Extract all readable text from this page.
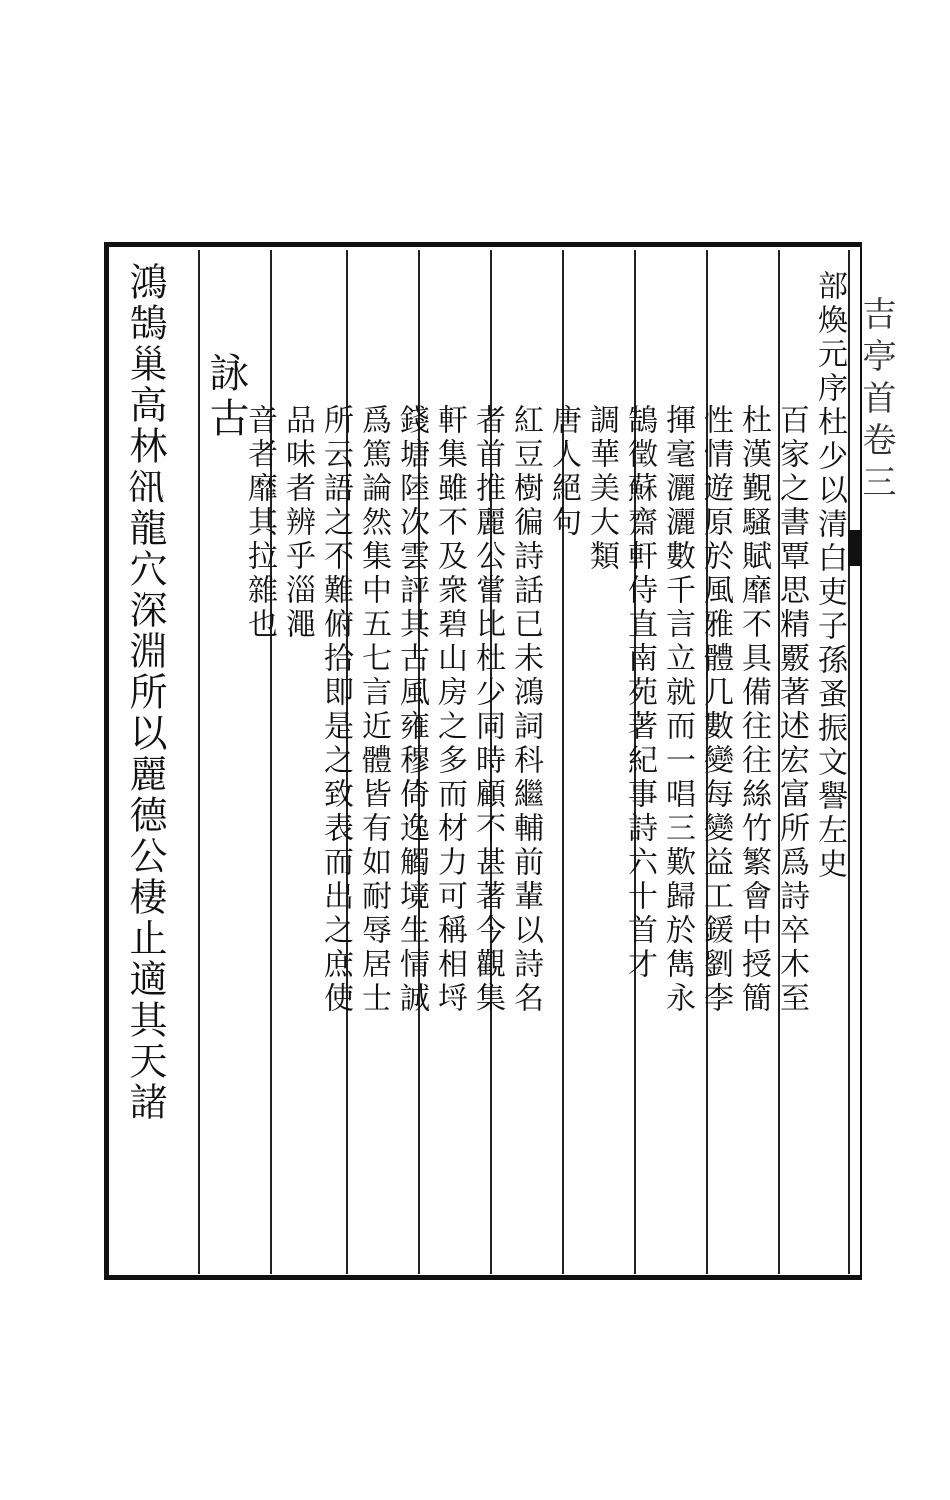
吉亭首卷三
部煥元序杜少以清白吏子孫蚤振文譽左史
百家之書覃思精覈著述宏富所爲詩卒木至
杜漢覲騷賦靡不具備往往絲竹繁會中授簡
性情遊原於風雅體几數變每變益工鍰劉李
揮毫灑灑數千言立就而一唱三歎歸於雋永
鵠徵蘇齋軒侍直南苑著紀事詩六十首才
調華美大類
唐人絕句
紅豆樹徧詩話已未鴻詞科繼輔前輩以詩名
者首推麗公嘗比杜少同時顧不甚著今觀集
軒集雖不及衆碧山房之多而材力可稱相埒
錢塘陸次雲評其古風雍穆倚逸觸境生情誠
爲篤論然集中五七言近體皆有如耐辱居士
所云語之不難俯拾即是之致表而出之庶使
品味者辨乎淄澠
音者靡其拉雜也
詠古
鴻鵠巢高林𧮬龍穴深淵所以麗德公棲止適其天諸
